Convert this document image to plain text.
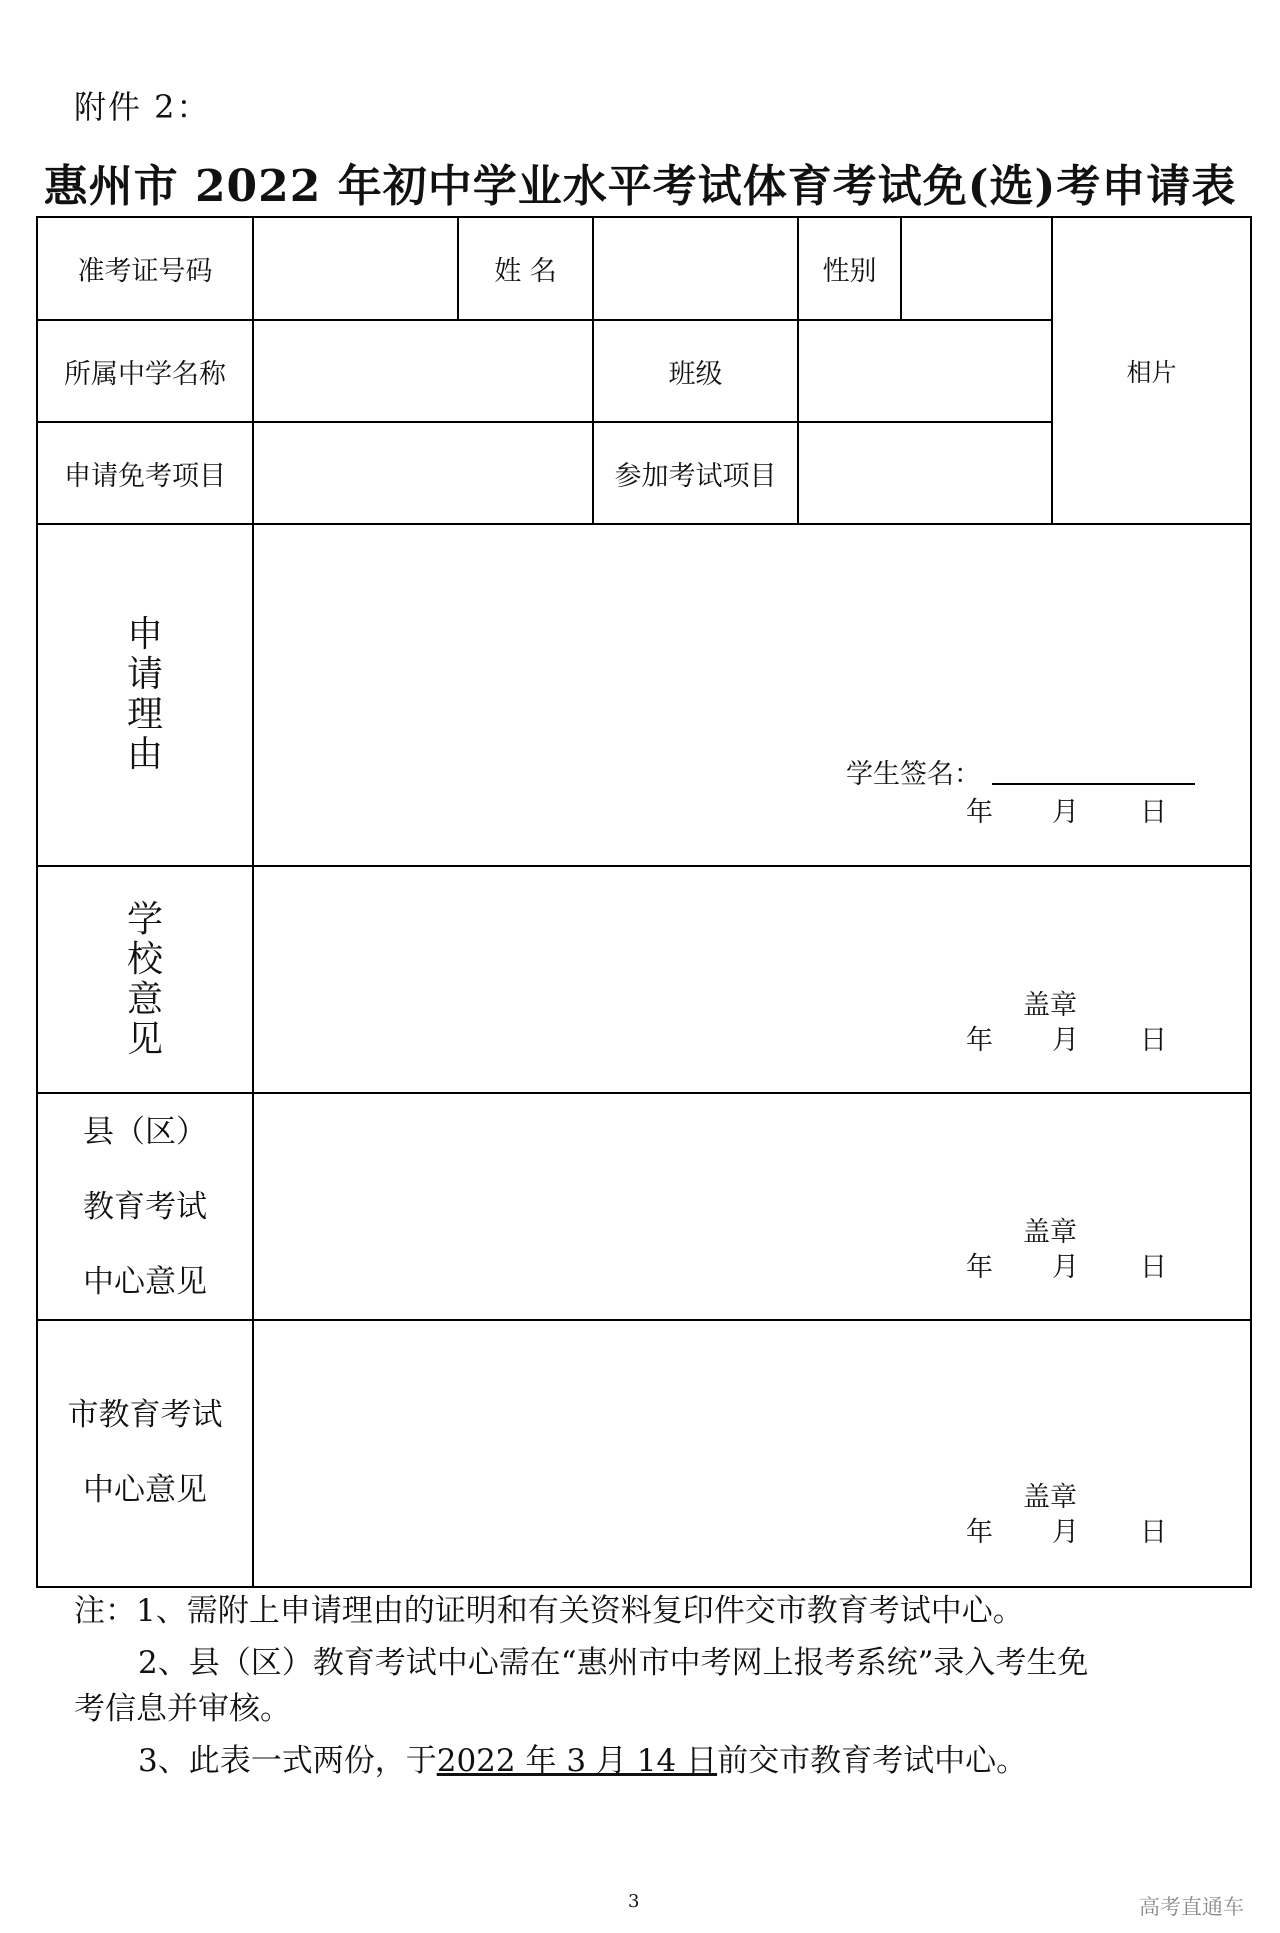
附件 2：
惠州市 2022 年初中学业水平考试体育考试免(选)考申请表
准考证号码	姓 名	性别
相片
所属中学名称	班级
申请免考项目	参加考试项目
申请理由	学生签名：
年 月 日
学校意见
盖章
年 月 日
县（区）
教育考试
中心意见
盖章
年 月 日
市教育考试
中心意见	盖章
年 月 日
注：1、需附上申请理由的证明和有关资料复印件交市教育考试中心。
2、县（区）教育考试中心需在“惠州市中考网上报考系统”录入考生免
考信息并审核。
3、此表一式两份，于2022 年 3 月 14 日前交市教育考试中心。
3	高考直通车
